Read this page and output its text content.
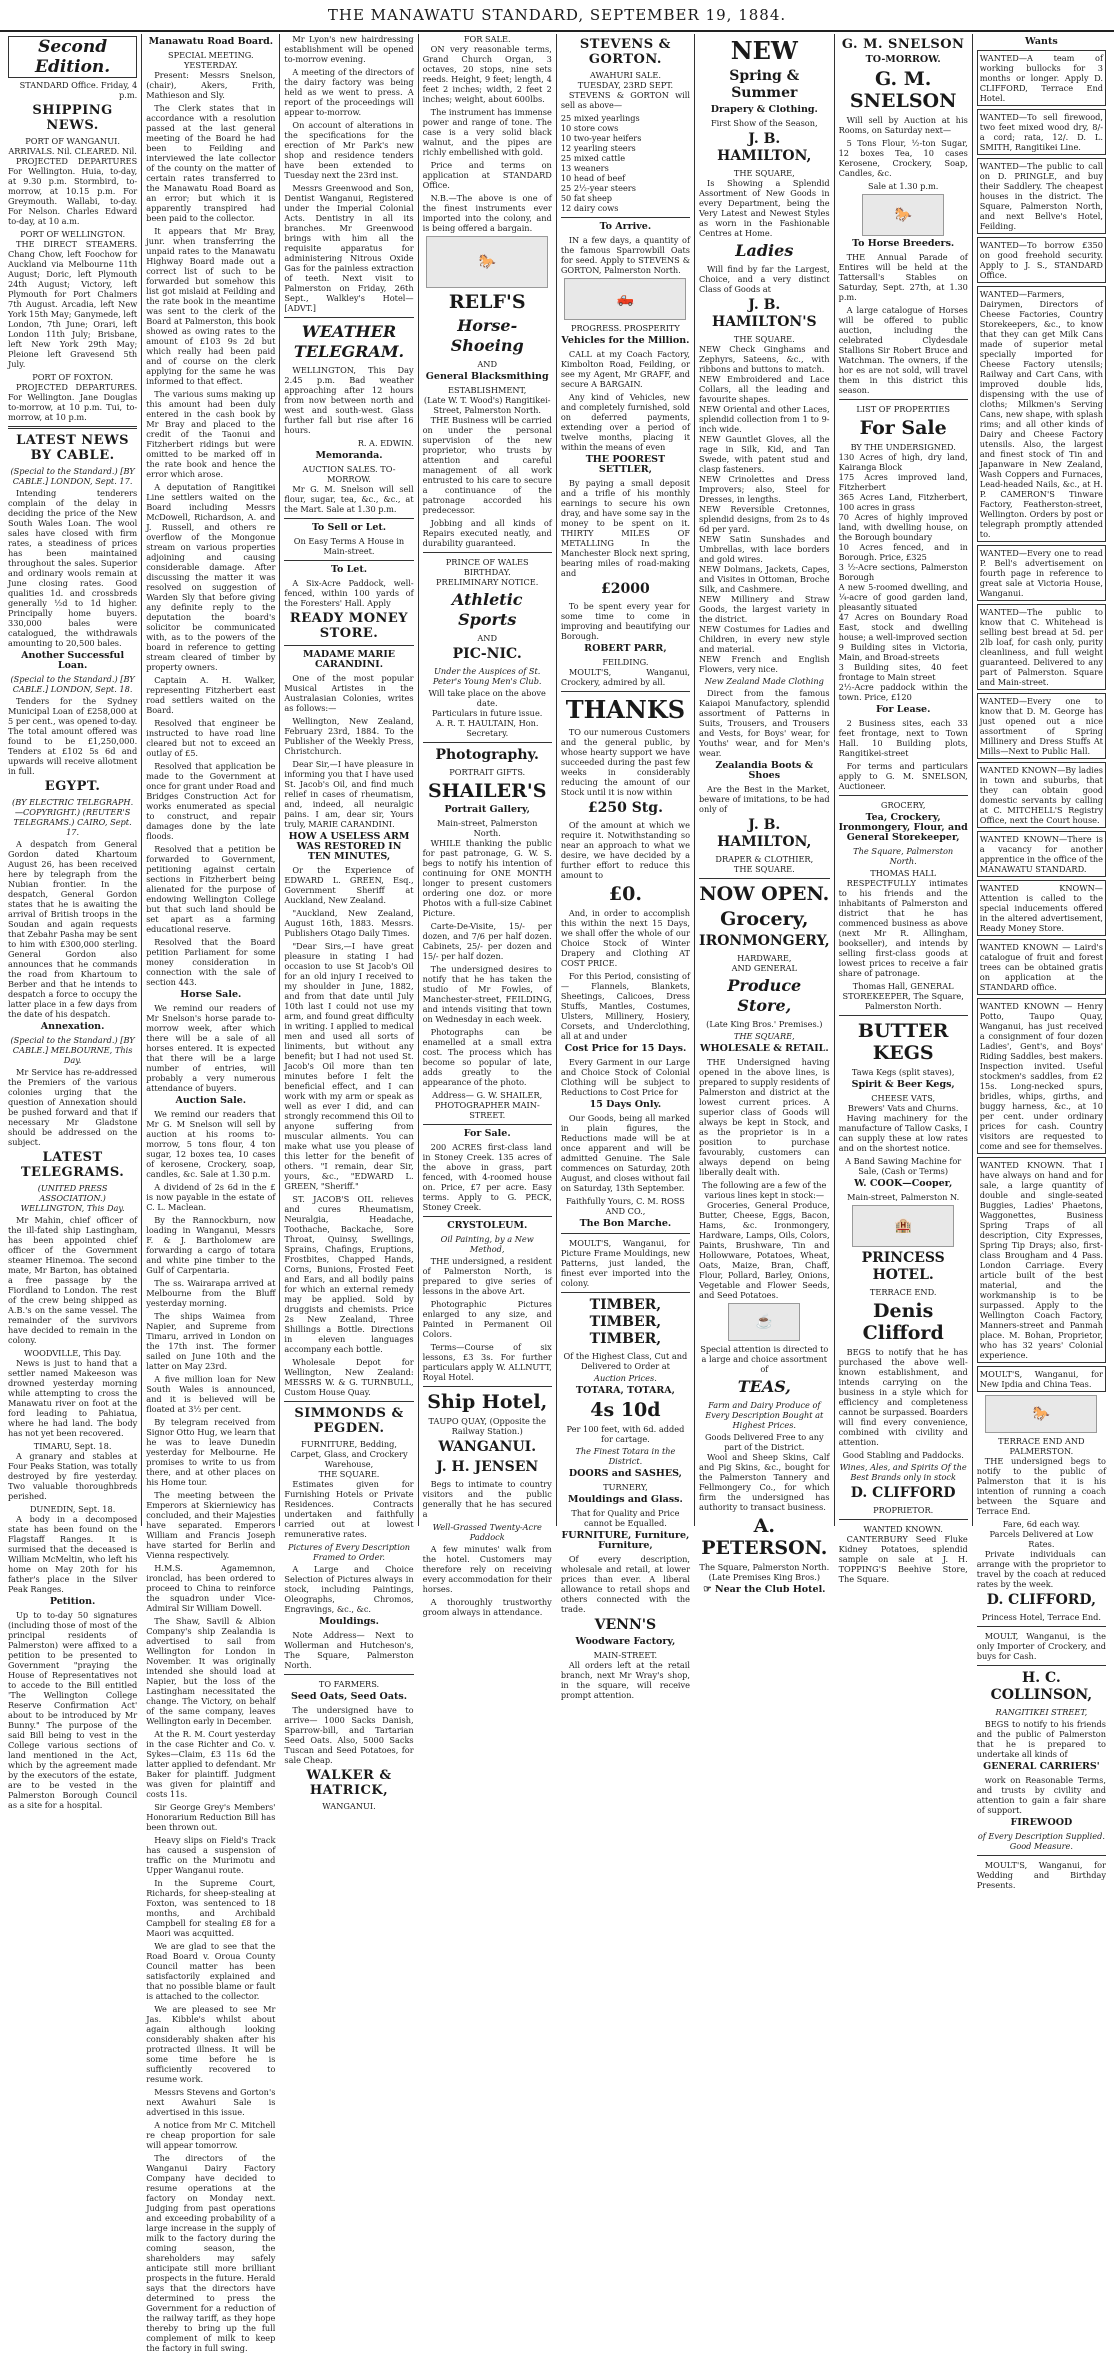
THE MANAWATU STANDARD, SEPTEMBER 19, 1884.
Second Edition.
STANDARD Office. Friday, 4 p.m.
SHIPPING NEWS.
PORT OF WANGANUI.
ARRIVALS. Nil. CLEARED. Nil.

PROJECTED DEPARTURES For Wellington. Huia, to-day, at 9.30 p.m. Stormbird, to-morrow, at 10.15 p.m. For Greymouth. Wallabi, to-day. For Nelson. Charles Edward to-day, at 10 a.m.

PORT OF WELLINGTON.

THE DIRECT STEAMERS. Chang Chow, left Foochow for Auckland via Melbourne 11th August; Doric, left Plymouth 24th August; Victory, left Plymouth for Port Chalmers 7th August. Arcadia, left New York 15th May; Ganymede, left London, 7th June; Orari, left London 11th July; Brisbane, left New York 29th May; Pleione left Gravesend 5th July.

PORT OF FOXTON.

PROJECTED DEPARTURES. For Wellington. Jane Douglas to-morrow, at 10 p.m. Tui, to-morrow, at 10 p.m.

LATEST NEWS BY CABLE.
(Special to the Standard.) [BY CABLE.] LONDON, Sept. 17.

Intending tenderers complain of the delay in deciding the price of the New South Wales Loan. The wool sales have closed with firm rates, a steadiness of prices has been maintained throughout the sales. Superior and ordinary wools remain at June closing rates. Good qualities 1d. and crossbreds generally ½d to 1d higher. Principally home buyers. 330,000 bales were catalogued, the withdrawals amounting to 20,500 bales.

Another Successful Loan.
(Special to the Standard.) [BY CABLE.] LONDON, Sept. 18.

Tenders for the Sydney Municipal Loan of £258,000 at 5 per cent., was opened to-day. The total amount offered was found to be £1,250,000. Tenders at £102 5s 6d and upwards will receive allotment in full.

EGYPT.
(BY ELECTRIC TELEGRAPH.—COPYRIGHT.) (REUTER'S TELEGRAMS.) CAIRO, Sept. 17.

A despatch from General Gordon dated Khartoum August 26, has been received here by telegraph from the Nubian frontier. In the despatch, General Gordon states that he is awaiting the arrival of British troops in the Soudan and again requests that Zebahr Pasha may be sent to him with £300,000 sterling. General Gordon also announces that he commands the road from Khartoum to Berber and that he intends to despatch a force to occupy the latter place in a few days from the date of his despatch.

Annexation.
(Special to the Standard.) [BY CABLE.] MELBOURNE, This Day.

Mr Service has re-addressed the Premiers of the various colonies urging that the question of Annexation should be pushed forward and that if necessary Mr Gladstone should be addressed on the subject.

LATEST TELEGRAMS.
(UNITED PRESS ASSOCIATION.) WELLINGTON, This Day.

Mr Mahin, chief officer of the ill-fated ship Lastingham, has been appointed chief officer of the Government steamer Hinemoa. The second mate, Mr Barton, has obtained a free passage by the Fiordland to London. The rest of the crew being shipped as A.B.'s on the same vessel. The remainder of the survivors have decided to remain in the colony.

WOODVILLE, This Day.

News is just to hand that a settler named Makeeson was drowned yesterday morning while attempting to cross the Manawatu river on foot at the ford leading to Pahiatua, where he had land. The body has not yet been recovered.

TIMARU, Sept. 18.

A granary and stables at Four Peaks Station, was totally destroyed by fire yesterday. Two valuable thoroughbreds perished.

DUNEDIN, Sept. 18.

A body in a decomposed state has been found on the Flagstaff Ranges. It is surmised that the deceased is William McMeltin, who left his home on May 20th for his father's place in the Silver Peak Ranges.

Petition.

Up to to-day 50 signatures (including those of most of the principal residents of Palmerston) were affixed to a petition to be presented to Government "praying the House of Representatives not to accede to the Bill entitled 'The Wellington College Reserve Confirmation Act' about to be introduced by Mr Bunny." The purpose of the said Bill being to vest in the College various sections of land mentioned in the Act, which by the agreement made by the executors of the estate, are to be vested in the Palmerston Borough Council as a site for a hospital.

Manawatu Road Board.
SPECIAL MEETING. YESTERDAY.

Present: Messrs Snelson, (chair), Akers, Frith, Mathieson and Sly.

The Clerk states that in accordance with a resolution passed at the last general meeting of the Board he had been to Feilding and interviewed the late collector of the county on the matter of certain rates transferred to the Manawatu Road Board as an error; but which it is apparently transpired had been paid to the collector.

It appears that Mr Bray, junr. when transferring the unpaid rates to the Manawatu Highway Board made out a correct list of such to be forwarded but somehow this list got mislaid at Feilding and the rate book in the meantime was sent to the clerk of the Board at Palmerston, this book showed as owing rates to the amount of £103 9s 2d but which really had been paid and of course on the clerk applying for the same he was informed to that effect.

The various sums making up this amount had been duly entered in the cash book by Mr Bray and placed to the credit of the Taonui and Fitzherbert ridings but were omitted to be marked off in the rate book and hence the error which arose.

A deputation of Rangitikei Line settlers waited on the Board including Messrs McDowell, Richardson, A. and J. Russell, and others re overflow of the Mongonue stream on various properties adjoining and causing considerable damage. After discussing the matter it was resolved on suggestion of Warden Sly that before giving any definite reply to the deputation the board's solicitor be communicated with, as to the powers of the board in reference to getting stream cleared of timber by property owners.

Captain A. H. Walker, representing Fitzherbert east road settlers waited on the Board.

Resolved that engineer be instructed to have road line cleared but not to exceed an outlay of £5.

Resolved that application be made to the Government at once for grant under Road and Bridges Construction Act for works enumerated as special to construct, and repair damages done by the late floods.

Resolved that a petition be forwarded to Government, petitioning against certain sections in Fitzherbert being alienated for the purpose of endowing Wellington College but that such land should be set apart as a farming educational reserve.

Resolved that the Board petition Parliament for some money consideration in connection with the sale of section 443.

Horse Sale.

We remind our readers of Mr Snelson's horse parade to-morrow week, after which there will be a sale of all horses entered. It is expected that there will be a large number of entries, will probably a very numerous attendance of buyers.

Auction Sale.

We remind our readers that Mr G. M Snelson will sell by auction at his rooms to-morrow, 5 tons flour, 4 ton sugar, 12 boxes tea, 10 cases of kerosene, Crockery, soap, candles, &c. Sale at 1.30 p.m.

A dividend of 2s 6d in the £ is now payable in the estate of C. L. Maclean.

By the Rannockburn, now loading in Wanganui, Messrs F. & J. Bartholomew are forwarding a cargo of totara and white pine timber to the Gulf of Carpentaria.

The ss. Wairarapa arrived at Melbourne from the Bluff yesterday morning.

The ships Waimea from Napier, and Supreme from Timaru, arrived in London on the 17th inst. The former sailed on June 10th and the latter on May 23rd.

A five million loan for New South Wales is announced, and it is believed will be floated at 3½ per cent.

By telegram received from Signor Otto Hug, we learn that he was to leave Dunedin yesterday for Melbourne. He promises to write to us from there, and at other places on his Home tour.

The meeting between the Emperors at Skierniewicy has concluded, and their Majesties have separated. Emperors William and Francis Joseph have started for Berlin and Vienna respectively.

H.M.S. Agamemnon, ironclad, has been ordered to proceed to China to reinforce the squadron under Vice-Admiral Sir William Dowell.

The Shaw, Savill & Albion Company's ship Zealandia is advertised to sail from Wellington for London in November. It was originally intended she should load at Napier, but the loss of the Lastingham necessitated the change. The Victory, on behalf of the same company, leaves Wellington early in December.

At the R. M. Court yesterday in the case Richter and Co. v. Sykes—Claim, £3 11s 6d the latter applied to defendant. Mr Baker for plaintiff. Judgment was given for plaintiff and costs 11s.

Sir George Grey's Members' Honorarium Reduction Bill has been thrown out.

Heavy slips on Field's Track has caused a suspension of traffic on the Murimotu and Upper Wanganui route.

In the Supreme Court, Richards, for sheep-stealing at Foxton, was sentenced to 18 months, and Archibald Campbell for stealing £8 for a Maori was acquitted.

We are glad to see that the Road Board v. Oroua County Council matter has been satisfactorily explained and that no possible blame or fault is attached to the collector.

We are pleased to see Mr Jas. Kibble's whilst about again although looking considerably shaken after his protracted illness. It will be some time before he is sufficiently recovered to resume work.

Messrs Stevens and Gorton's next Awahuri Sale is advertised in this issue.

A notice from Mr C. Mitchell re cheap proportion for sale will appear tomorrow.

The directors of the Wanganui Dairy Factory Company have decided to resume operations at the factory on Monday next. Judging from past operations and exceeding probability of a large increase in the supply of milk to the factory during the coming season, the shareholders may safely anticipate still more brilliant prospects in the future. Herald says that the directors have determined to press the Government for a reduction of the railway tariff, as they hope thereby to bring up the full complement of milk to keep the factory in full swing.

Mr Lyon's new hairdressing establishment will be opened to-morrow evening.

A meeting of the directors of the dairy factory was being held as we went to press. A report of the proceedings will appear to-morrow.

On account of alterations in the specifications for the erection of Mr Park's new shop and residence tenders have been extended to Tuesday next the 23rd inst.

Messrs Greenwood and Son, Dentist Wanganui, Registered under the Imperial Colonial Acts. Dentistry in all its branches. Mr Greenwood brings with him all the requisite apparatus for administering Nitrous Oxide Gas for the painless extraction of teeth. Next visit to Palmerston on Friday, 26th Sept., Walkley's Hotel—[ADVT.]

WEATHER TELEGRAM.

WELLINGTON, This Day 2.45 p.m. Bad weather approaching after 12 hours from now between north and west and south-west. Glass further fall but rise after 16 hours.

R. A. EDWIN.
Memoranda.
AUCTION SALES. TO-MORROW.

Mr G. M. Snelson will sell flour, sugar, tea, &c., &c., at the Mart. Sale at 1.30 p.m.

To Sell or Let.
On Easy Terms A House in Main-street.
To Let.

A Six-Acre Paddock, well-fenced, within 100 yards of the Foresters' Hall. Apply

READY MONEY STORE.
MADAME MARIE CARANDINI.

One of the most popular Musical Artistes in the Australasian Colonies, writes as follows:—

Wellington, New Zealand, February 23rd, 1884. To the Publisher of the Weekly Press, Christchurch.

Dear Sir,—I have pleasure in informing you that I have used St. Jacob's Oil, and find much relief in cases of rheumatism, and, indeed, all neuralgic pains. I am, dear sir, Yours truly, MARIE CARANDINI.

HOW A USELESS ARM WAS RESTORED IN TEN MINUTES,

Or the Experience of EDWARD L. GREEN, Esq., Government Sheriff at Auckland, New Zealand.

"Auckland, New Zealand, August 16th, 1883. Messrs. Publishers Otago Daily Times.

"Dear Sirs,—I have great pleasure in stating I had occasion to use St Jacob's Oil for an old injury I received to my shoulder in June, 1882, and from that date until July 10th last I could not use my arm, and found great difficulty in writing. I applied to medical men and used all sorts of liniments, but without any benefit; but I had not used St. Jacob's Oil more than ten minutes before I felt the beneficial effect, and I can work with my arm or speak as well as ever I did, and can strongly recommend this Oil to anyone suffering from muscular ailments. You can make what use you please of this letter for the benefit of others. "I remain, dear Sir, yours, &c., "EDWARD L. GREEN, "Sheriff."

ST. JACOB'S OIL relieves and cures Rheumatism, Neuralgia, Headache, Toothache, Backache, Sore Throat, Quinsy, Swellings, Sprains, Chafings, Eruptions, Frostbites, Chapped Hands, Corns, Bunions, Frosted Feet and Ears, and all bodily pains for which an external remedy may be applied. Sold by druggists and chemists. Price 2s New Zealand, Three Shillings a Bottle. Directions in eleven languages accompany each bottle.

Wholesale Depot for Wellington, New Zealand: MESSRS W. & G. TURNBULL, Custom House Quay.

SIMMONDS & PEGDEN.
FURNITURE, Bedding, Carpet, Glass, and Crockery Warehouse,
THE SQUARE.

Estimates given for Furnishing Hotels or Private Residences. Contracts undertaken and faithfully carried out at lowest remunerative rates.

Pictures of Every Description Framed to Order.

A Large and Choice Selection of Pictures always in stock, including Paintings, Oleographs, Chromos, Engravings, &c., &c.

Mouldings.

Note Address— Next to Wollerman and Hutcheson's, The Square, Palmerston North.

TO FARMERS.
Seed Oats, Seed Oats.

The undersigned have to arrive— 1000 Sacks Danish, Sparrow-bill, and Tartarian Seed Oats. Also, 5000 Sacks Tuscan and Seed Potatoes, for sale Cheap.

WALKER & HATRICK,
WANGANUI.
FOR SALE.

ON very reasonable terms, Grand Church Organ, 3 octaves, 20 stops, nine sets reeds. Height, 9 feet; length, 4 feet 2 inches; width, 2 feet 2 inches; weight, about 600lbs.

The instrument has immense power and range of tone. The case is a very solid black walnut, and the pipes are richly embellished with gold.

Price and terms on application at STANDARD Office.

N.B.—The above is one of the finest instruments ever imported into the colony, and is being offered a bargain.

🐎
RELF'S
Horse-Shoeing
AND
General Blacksmithing
ESTABLISHMENT,
(Late W. T. Wood's) Rangitikei-Street, Palmerston North.

THE Business will be carried on under the personal supervision of the new proprietor, who trusts by attention and careful management of all work entrusted to his care to secure a continuance of the patronage accorded his predecessor.

Jobbing and all kinds of Repairs executed neatly, and durability guaranteed.

PRINCE OF WALES BIRTHDAY.
PRELIMINARY NOTICE.
Athletic Sports
AND
PIC-NIC.
Under the Auspices of St. Peter's Young Men's Club.
Will take place on the above date.
Particulars in future issue.
A. R. T. HAULTAIN, Hon. Secretary.
Photography.
PORTRAIT GIFTS.
SHAILER'S
Portrait Gallery,
Main-street, Palmerston North.

WHILE thanking the public for past patronage, G. W. S. begs to notify his intention of continuing for ONE MONTH longer to present customers ordering one doz. or more Photos with a full-size Cabinet Picture.

Carte-De-Visite, 15/- per dozen, and 7/6 per half dozen. Cabinets, 25/- per dozen and 15/- per half dozen.

The undersigned desires to notify that he has taken the studio of Mr Fowles, of Manchester-street, FEILDING, and intends visiting that town on Wednesday in each week.

Photographs can be enamelled at a small extra cost. The process which has become so popular of late, adds greatly to the appearance of the photo.

Address— G. W. SHAILER, PHOTOGRAPHER MAIN-STREET.
For Sale.

200 ACRES first-class land in Stoney Creek. 135 acres of the above in grass, part fenced, with 4-roomed house on. Price, £7 per acre. Easy terms. Apply to G. PECK, Stoney Creek.

CRYSTOLEUM.
Oil Painting, by a New Method,

THE undersigned, a resident of Palmerston North, is prepared to give series of lessons in the above Art.

Photographic Pictures enlarged to any size, and Painted in Permanent Oil Colors.

Terms—Course of six lessons, £3 3s. For further particulars apply W. ALLNUTT, Royal Hotel.

Ship Hotel,
TAUPO QUAY, (Opposite the Railway Station.)
WANGANUI.
J. H. JENSEN

Begs to intimate to country visitors and the public generally that he has secured a

Well-Grassed Twenty-Acre Paddock

A few minutes' walk from the hotel. Customers may therefore rely on receiving every accommodation for their horses.

A thoroughly trustworthy groom always in attendance.

STEVENS & GORTON.
AWAHURI SALE.
TUESDAY, 23RD SEPT.

STEVENS & GORTON will sell as above—

25 mixed yearlings
10 store cows
10 two-year heifers
12 yearling steers
25 mixed cattle
13 weaners
10 head of beef
25 2½-year steers
50 fat sheep
12 dairy cows
To Arrive.

IN a few days, a quantity of the famous Sparrowbill Oats for seed. Apply to STEVENS & GORTON, Palmerston North.

🛻
PROGRESS. PROSPERITY
Vehicles for the Million.

CALL at my Coach Factory, Kimbolton Road, Feilding, or see my Agent, Mr GRAFF, and secure A BARGAIN.

Any kind of Vehicles, new and completely furnished, sold on deferred payments, extending over a period of twelve months, placing it within the means of even

THE POOREST SETTLER,

By paying a small deposit and a trifle of his monthly earnings to secure his own dray, and have some say in the money to be spent on it. THIRTY MILES OF METALLING In the Manchester Block next spring, bearing miles of road-making and

£2000

To be spent every year for some time to come in improving and beautifying our Borough.

ROBERT PARR,
FEILDING.

MOULT'S, Wanganui, Crockery, admired by all.

THANKS

TO our numerous Customers and the general public, by whose hearty support we have succeeded during the past few weeks in considerably reducing the amount of our Stock until it is now within

£250 Stg.

Of the amount at which we require it. Notwithstanding so near an approach to what we desire, we have decided by a further effort to reduce this amount to

£0.

And, in order to accomplish this within the next 15 Days, we shall offer the whole of our Choice Stock of Winter Drapery and Clothing AT COST PRICE.

For this Period, consisting of— Flannels, Blankets, Sheetings, Calicoes, Dress Stuffs, Mantles, Costumes, Ulsters, Millinery, Hosiery, Corsets, and Underclothing, all at and under

Cost Price for 15 Days.

Every Garment in our Large and Choice Stock of Colonial Clothing will be subject to Reductions to Cost Price for

15 Days Only.

Our Goods, being all marked in plain figures, the Reductions made will be at once apparent and will be admitted Genuine. The Sale commences on Saturday, 20th August, and closes without fail on Saturday, 13th September.

Faithfully Yours, C. M. ROSS AND CO.,
The Bon Marche.

MOULT'S, Wanganui, for Picture Frame Mouldings, new Patterns, just landed, the finest ever imported into the colony.

TIMBER, TIMBER, TIMBER,
Of the Highest Class, Cut and Delivered to Order at
Auction Prices.
TOTARA, TOTARA,
4s 10d
Per 100 feet, with 6d. added for cartage.
The Finest Totara in the District.
DOORS and SASHES,
TURNERY,
Mouldings and Glass.
That for Quality and Price cannot be Equalled.
FURNITURE, Furniture, Furniture,

Of every description, wholesale and retail, at lower prices than ever. A liberal allowance to retail shops and others connected with the trade.

VENN'S
Woodware Factory,
MAIN-STREET.

All orders left at the retail branch, next Mr Wray's shop, in the square, will receive prompt attention.

NEW
Spring & Summer
Drapery & Clothing.
First Show of the Season,
J. B. HAMILTON,
THE SQUARE,

Is Showing a Splendid Assortment of New Goods in every Department, being the Very Latest and Newest Styles as worn in the Fashionable Centres at Home.

Ladies

Will find by far the Largest, Choice, and a very distinct Class of Goods at

J. B. HAMILTON'S
THE SQUARE.
NEW Check Ginghams and Zephyrs, Sateens, &c., with ribbons and buttons to match.
NEW Embroidered and Lace Collars, all the leading and favourite shapes.
NEW Oriental and other Laces, splendid collection from 1 to 9-inch wide.
NEW Gauntlet Gloves, all the rage in Silk, Kid, and Tan Swede, with patent stud and clasp fasteners.
NEW Crinolettes and Dress Improvers; also, Steel for Dresses, in lengths.
NEW Reversible Cretonnes, splendid designs, from 2s to 4s 6d per yard.
NEW Satin Sunshades and Umbrellas, with lace borders and gold wires.
NEW Dolmans, Jackets, Capes, and Visites in Ottoman, Broche Silk, and Cashmere.
NEW Millinery and Straw Goods, the largest variety in the district.
NEW Costumes for Ladies and Children, in every new style and material.
NEW French and English Flowers, very nice.
New Zealand Made Clothing

Direct from the famous Kaiapoi Manufactory, splendid assortment of Patterns in Suits, Trousers, and Trousers and Vests, for Boys' wear, for Youths' wear, and for Men's wear.

Zealandia Boots & Shoes

Are the Best in the Market, beware of imitations, to be had only of

J. B. HAMILTON,
DRAPER & CLOTHIER,
THE SQUARE.
NOW OPEN.
Grocery,
IRONMONGERY,
HARDWARE,
AND GENERAL
Produce Store,
(Late King Bros.' Premises.)
THE SQUARE,
WHOLESALE & RETAIL.

THE Undersigned having opened in the above lines, is prepared to supply residents of Palmerston and district at the lowest current prices. A superior class of Goods will always be kept in Stock, and as the proprietor is in a position to purchase favourably, customers can always depend on being liberally dealt with.

The following are a few of the various lines kept in stock:—

Groceries, General Produce, Butter, Cheese, Eggs, Bacon, Hams, &c. Ironmongery, Hardware, Lamps, Oils, Colors, Paints, Brushware, Tin and Hollowware, Potatoes, Wheat, Oats, Maize, Bran, Chaff, Flour, Pollard, Barley, Onions, Vegetable and Flower Seeds, and Seed Potatoes.

☕
Special attention is directed to a large and choice assortment of
TEAS,
Farm and Dairy Produce of Every Description Bought at Highest Prices.
Goods Delivered Free to any part of the District.

Wool and Sheep Skins, Calf and Pig Skins, &c., bought for the Palmerston Tannery and Fellmongery Co., for which firm the undersigned has authority to transact business.

A. PETERSON.
The Square, Palmerston North. (Late Premises King Bros.)
☞ Near the Club Hotel.
G. M. SNELSON
TO-MORROW.
G. M. SNELSON

Will sell by Auction at his Rooms, on Saturday next—

5 Tons Flour, ½-ton Sugar, 12 boxes Tea, 10 cases Kerosene, Crockery, Soap, Candles, &c.

Sale at 1.30 p.m.
🐎
To Horse Breeders.

THE Annual Parade of Entires will be held at the Tattersall's Stables on Saturday, Sept. 27th, at 1.30 p.m.

A large catalogue of Horses will be offered to public auction, including the celebrated Clydesdale Stallions Sir Robert Bruce and Watchman. The owners, if the hor es are not sold, will travel them in this district this season.

LIST OF PROPERTIES
For Sale
BY THE UNDERSIGNED.
130 Acres of high, dry land, Kairanga Block
175 Acres improved land, Fitzherbert
365 Acres Land, Fitzherbert, 100 acres in grass
70 Acres of highly improved land, with dwelling house, on the Borough boundary
10 Acres fenced, and in Borough. Price, £325
3 ½-Acre sections, Palmerston Borough
A new 5-roomed dwelling, and ¼-acre of good garden land, pleasantly situated
47 Acres on Boundary Road East, stock and dwelling house; a well-improved section
9 Building sites in Victoria, Main, and Broad-streets
3 Building sites, 40 feet frontage to Main street
2½-Acre paddock within the town. Price, £120
For Lease.

2 Business sites, each 33 feet frontage, next to Town Hall. 10 Building plots, Rangitikei-street

For terms and particulars apply to G. M. SNELSON, Auctioneer.

GROCERY,
Tea, Crockery, Ironmongery, Flour, and General Storekeeper,
The Square, Palmerston North.
THOMAS HALL

RESPECTFULLY intimates to his friends and the inhabitants of Palmerston and district that he has commenced business as above (next Mr R. Allingham, bookseller), and intends by selling first-class goods at lowest prices to receive a fair share of patronage.

Thomas Hall, GENERAL STOREKEEPER, The Square, Palmerston North.
BUTTER KEGS
Tawa Kegs (split staves),
Spirit & Beer Kegs,
CHEESE VATS,
Brewers' Vats and Churns.

Having machinery for the manufacture of Tallow Casks, I can supply these at low rates and on the shortest notice.

A Band Sawing Machine for Sale, (Cash or Terms)
W. COOK—Cooper,
Main-street, Palmerston N.
🏨
PRINCESS HOTEL.
TERRACE END.
Denis Clifford

BEGS to notify that he has purchased the above well-known establishment, and intends carrying on the business in a style which for efficiency and completeness cannot be surpassed. Boarders will find every convenience, combined with civility and attention.

Good Stabling and Paddocks.
Wines, Ales, and Spirits Of the Best Brands only in stock
D. CLIFFORD
PROPRIETOR.
WANTED KNOWN.

CANTERBURY Seed Fluke Kidney Potatoes, splendid sample on sale at J. H. TOPPING'S Beehive Store, The Square.

Wants
WANTED—A team of working bullocks for 3 months or longer. Apply D. CLIFFORD, Terrace End Hotel.
WANTED—To sell firewood, two feet mixed wood dry, 8/- a cord; rata, 12/. D. L. SMITH, Rangitikei Line.
WANTED—The public to call on D. PRINGLE, and buy their Saddlery. The cheapest houses in the district. The Square, Palmerston North, and next Bellve's Hotel, Feilding.
WANTED—To borrow £350 on good freehold security. Apply to J. S., STANDARD Office.
WANTED—Farmers, Dairymen, Directors of Cheese Factories, Country Storekeepers, &c., to know that they can get Milk Cans made of superior metal specially imported for Cheese Factory utensils; Railway and Cart Cans, with improved double lids, dispensing with the use of cloths; Milkmen's Serving Cans, new shape, with splash rims; and all other kinds of Dairy and Cheese Factory utensils. Also, the largest and finest stock of Tin and Japanware in New Zealand, Wash Coppers and Furnaces, Lead-headed Nails, &c., at H. P. CAMERON'S Tinware Factory, Featherston-street, Wellington. Orders by post or telegraph promptly attended to.
WANTED—Every one to read P. Bell's advertisement on fourth page in reference to great sale at Victoria House, Wanganui.
WANTED—The public to know that C. Whitehead is selling best bread at 5d. per 2lb loaf, for cash only, purity cleanliness, and full weight guaranteed. Delivered to any part of Palmerston. Square and Main-street.
WANTED—Every one to know that D. M. George has just opened out a nice assortment of Spring Millinery and Dress Stuffs At Mills—Next to Public Hall.
WANTED KNOWN—By ladies in town and suburbs, that they can obtain good domestic servants by calling at C. MITCHELL'S Registry Office, next the Court house.
WANTED KNOWN—There is a vacancy for another apprentice in the office of the MANAWATU STANDARD.
WANTED KNOWN—Attention is called to the special inducements offered in the altered advertisement, Ready Money Store.
WANTED KNOWN — Laird's catalogue of fruit and forest trees can be obtained gratis on application at the STANDARD office.
WANTED KNOWN — Henry Potto, Taupo Quay, Wanganui, has just received a consignment of four dozen Ladies', Gent's, and Boys' Riding Saddles, best makers. Inspection invited. Useful stockmen's saddles, from £2 15s. Long-necked spurs, bridles, whips, girths, and buggy harness, &c., at 10 per cent. under ordinary prices for cash. Country visitors are requested to come and see for themselves.
WANTED KNOWN. That I have always on hand and for sale, a large quantity of double and single-seated Buggies, Ladies' Phaetons, Waggonettes, Business Spring Traps of all description, City Expresses, Spring Tip Drays; also, first-class Brougham and 4 Pass. London Carriage. Every article built of the best material, and the workmanship is to be surpassed. Apply to the Wellington Coach Factory, Manners-street and Panmah place. M. Bohan, Proprietor, who has 32 years' Colonial experience.
MOULT'S, Wanganui, for New Ipdia and China Teas.
🐎
TERRACE END AND PALMERSTON.

THE undersigned begs to notify to the public of Palmerston that it is his intention of running a coach between the Square and Terrace End.

Fare, 6d each way.
Parcels Delivered at Low Rates.

Private individuals can arrange with the proprietor to travel by the coach at reduced rates by the week.

D. CLIFFORD,
Princess Hotel, Terrace End.

MOULT, Wanganui, is the only Importer of Crockery, and buys for Cash.

H. C. COLLINSON,
RANGITIKEI STREET,

BEGS to notify to his friends and the public of Palmerston that he is prepared to undertake all kinds of

GENERAL CARRIERS'

work on Reasonable Terms, and trusts by civility and attention to gain a fair share of support.

FIREWOOD
of Every Description Supplied. Good Measure.

MOULT'S, Wanganui, for Wedding and Birthday Presents.
